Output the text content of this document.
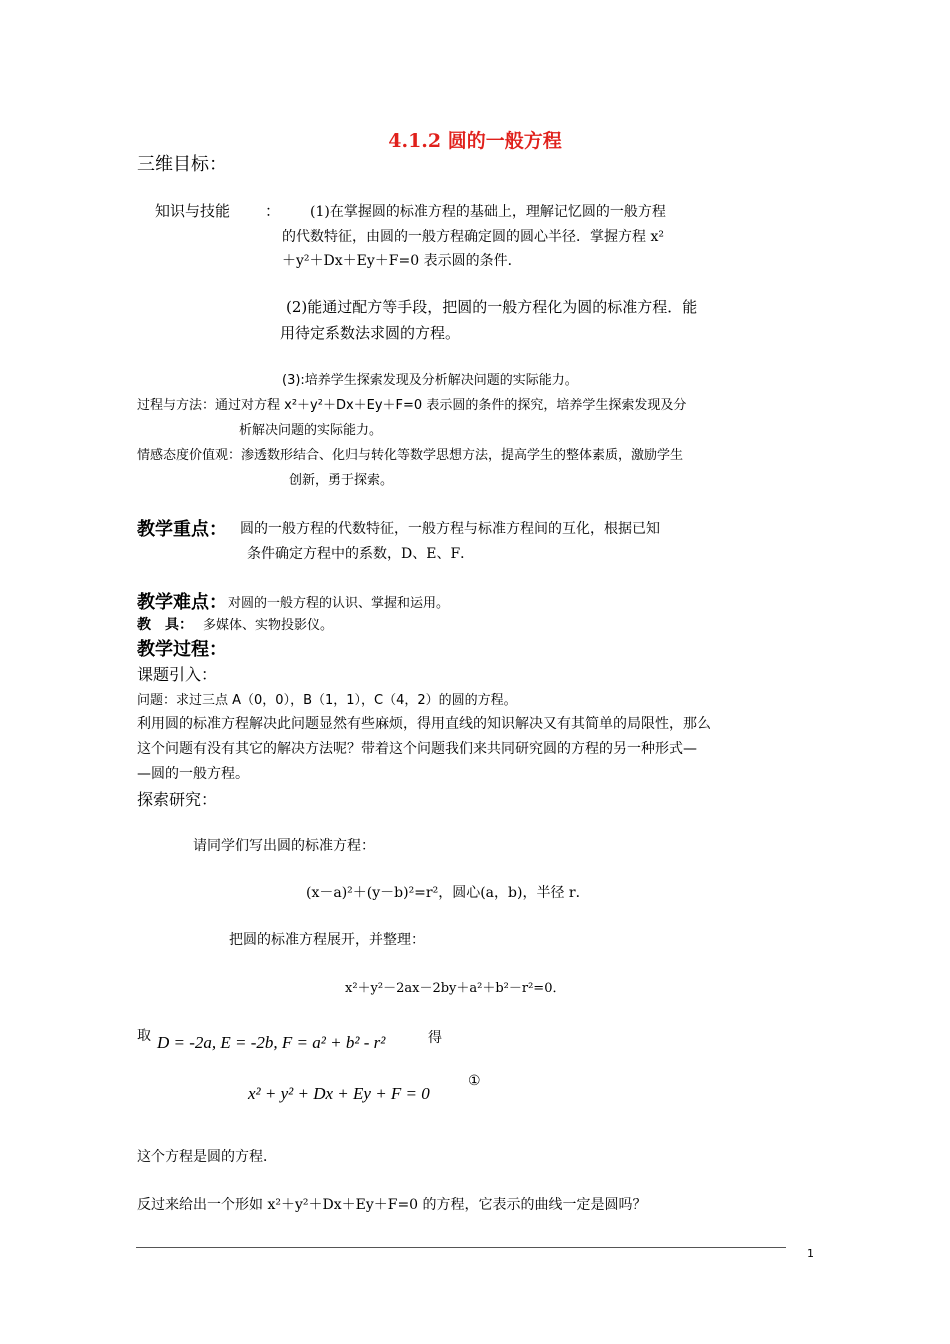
4.1.2 圆的一般方程
三维目标：
知识与技能 ： (1)在掌握圆的标准方程的基础上，理解记忆圆的一般方程
的代数特征，由圆的一般方程确定圆的圆心半径．掌握方程 x²
＋y²＋Dx＋Ey＋F=0 表示圆的条件．
(2)能通过配方等手段，把圆的一般方程化为圆的标准方程．能
用待定系数法求圆的方程。
(3):培养学生探索发现及分析解决问题的实际能力。
过程与方法：通过对方程 x²＋y²＋Dx＋Ey＋F=0 表示圆的条件的探究，培养学生探索发现及分
析解决问题的实际能力。
情感态度价值观：渗透数形结合、化归与转化等数学思想方法，提高学生的整体素质，激励学生
创新，勇于探索。
教学重点： 圆的一般方程的代数特征，一般方程与标准方程间的互化，根据已知
条件确定方程中的系数，D、E、F．
教学难点： 对圆的一般方程的认识、掌握和运用。
教　具： 多媒体、实物投影仪。
教学过程：
课题引入：
问题：求过三点 A（0，0），B（1，1），C（4，2）的圆的方程。
利用圆的标准方程解决此问题显然有些麻烦，得用直线的知识解决又有其简单的局限性，那么
这个问题有没有其它的解决方法呢？带着这个问题我们来共同研究圆的方程的另一种形式—
—圆的一般方程。
探索研究：
请同学们写出圆的标准方程：
(x－a)²＋(y－b)²=r²，圆心(a，b)，半径 r．
把圆的标准方程展开，并整理：
x²＋y²－2ax－2by＋a²＋b²－r²=0．
取 D = -2a, E = -2b, F = a² + b² - r²	得
x² + y² + Dx + Ey + F = 0
①
这个方程是圆的方程．
反过来给出一个形如 x²＋y²＋Dx＋Ey＋F=0 的方程，它表示的曲线一定是圆吗？
1
